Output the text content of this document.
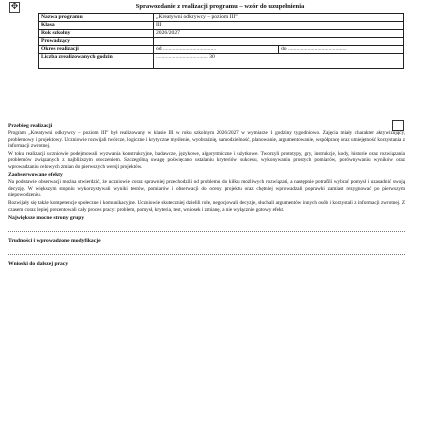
✥	Sprawozdanie z realizacji programu – wzór do uzupełnienia
Nazwa programu	„Kreatywni odkrywcy – poziom III”	
Klasa	III	
Rok szkolny	2026/2027	
Prowadzący		
Okres realizacji	od ......................................	do ..........................................
Liczba zrealizowanych godzin	..................................... 30	
Przebieg realizacji

Program „Kreatywni odkrywcy – poziom III” był realizowany w klasie III w roku szkolnym 2026/2027 w wymiarze 1 godziny tygodniowo. Zajęcia miały charakter aktywizujący, problemowy i projektowy. Uczniowie rozwijali twórcze, logiczne i krytyczne myślenie, wyobraźnię, samodzielność, planowanie, argumentowanie, współpracę oraz umiejętność korzystania z informacji zwrotnej.

W toku realizacji uczniowie podejmowali wyzwania konstrukcyjne, badawcze, językowe, algorytmiczne i użytkowe. Tworzyli prototypy, gry, instrukcje, kody, historie oraz rozwiązania problemów związanych z najbliższym otoczeniem. Szczególną uwagę poświęcano ustalaniu kryteriów sukcesu, wykonywaniu prostych pomiarów, porównywaniu wyników oraz wprowadzaniu celowych zmian do pierwszych wersji projektów.

Zaobserwowane efekty

Na podstawie obserwacji można stwierdzić, że uczniowie coraz sprawniej przechodzili od problemu do kilku możliwych rozwiązań, a następnie potrafili wybrać pomysł i uzasadnić swoją decyzję. W większym stopniu wykorzystywali wyniki testów, pomiarów i obserwacji do oceny projektu oraz chętniej wprowadzali poprawki zamiast rezygnować po pierwszym niepowodzeniu.

Rozwijały się także kompetencje społeczne i komunikacyjne. Uczniowie skuteczniej dzielili role, negocjowali decyzje, słuchali argumentów innych osób i korzystali z informacji zwrotnej. Z czasem coraz lepiej prezentowali cały proces pracy: problem, pomysł, kryteria, test, wniosek i zmianę, a nie wyłącznie gotowy efekt.

Największe mocne strony grupy
Trudności i wprowadzone modyfikacje
Wnioski do dalszej pracy
